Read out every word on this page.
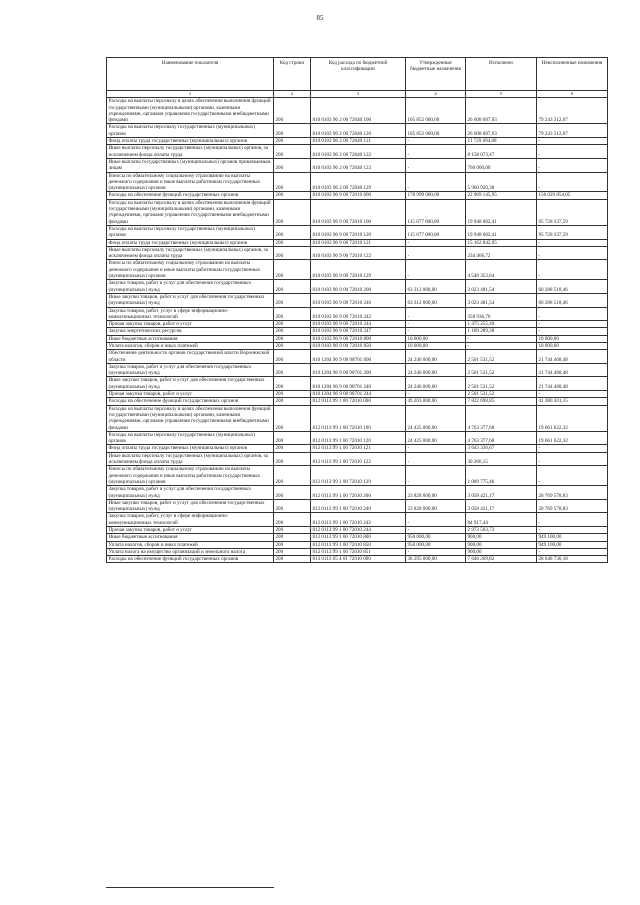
85
Наименование показателя	Код строки	Код расхода по бюджетной классификации	Утвержденные бюджетные назначения	Исполнено	Неисполненные назначения
1	2	3	4	5	6
Расходы на выплаты персоналу в целях обеспечения выполнения функций государственными (муниципальными) органами, казенными учреждениями, органами управления государственными внебюджетными фондами	200	810 0103 96 2 00 72040 100	105 852 000,00	26 608 687,93	79 243 312,07
Расходы на выплаты персоналу государственных (муниципальных) органов	200	810 0103 96 2 00 72040 120	105 852 000,00	26 608 687,93	79 243 312,07
Фонд оплаты труда государственных (муниципальных) органов	200	810 0103 96 2 00 72040 121	-	11 729 694,08	-
Иные выплаты персоналу государственных (муниципальных) органов, за исключением фонда оплаты труда	200	810 0103 96 2 00 72040 122	-	8 158 073,47	-
Иные выплаты государственных (муниципальных) органов привлекаемым лицам	200	810 0103 96 2 00 72040 123	-	760 000,00	-
Взносы по обязательному социальному страхованию на выплаты денежного содержания и иные выплаты работникам государственных (муниципальных) органов	200	810 0103 96 2 00 72040 129	-	5 960 920,38	-
Расходы на обеспечение функций государственных органов	200	810 0103 96 9 00 72010 000	178 999 000,00	22 969 145,95	156 029 854,05
Расходы на выплаты персоналу в целях обеспечения выполнения функций государственными (муниципальными) органами, казенными учреждениями, органами управления государственными внебюджетными фондами	200	810 0103 96 9 00 72010 100	115 677 000,00	19 948 662,41	95 728 337,59
Расходы на выплаты персоналу государственных (муниципальных) органов	200	810 0103 96 9 00 72010 120	115 677 000,00	19 948 662,41	95 728 337,59
Фонд оплаты труда государственных (муниципальных) органов	200	810 0103 96 9 00 72010 121	-	15 162 842,05	-
Иные выплаты персоналу государственных (муниципальных) органов, за исключением фонда оплаты труда	200	810 0103 96 9 00 72010 122	-	234 466,72	-
Взносы по обязательному социальному страхованию на выплаты денежного содержания и иные выплаты работникам государственных (муниципальных) органов	200	810 0103 96 9 00 72010 129	-	4 548 353,64	-
Закупка товаров, работ и услуг для обеспечения государственных (муниципальных) нужд	200	810 0103 96 9 00 72010 200	63 312 000,00	3 023 481,54	60 288 518,46
Иные закупки товаров, работ и услуг для обеспечения государственных (муниципальных) нужд	200	810 0103 96 9 00 72010 240	63 312 000,00	3 023 481,54	60 288 518,46
Закупка товаров, работ, услуг в сфере информационно-коммуникационных технологий	200	810 0103 96 9 00 72010 242	-	358 936,76	-
Прочая закупка товаров, работ и услуг	200	810 0103 96 9 00 72010 244	-	1 475 255,40	-
Закупка энергетических ресурсов	200	810 0103 96 9 00 72010 247	-	1 189 289,38	-
Иные бюджетные ассигнования	200	810 0103 96 9 00 72010 800	10 000,00	-	10 000,00
Уплата налогов, сборов и иных платежей	200	810 0103 96 9 00 72010 850	10 000,00	-	10 000,00
Обеспечение деятельности органов государственной власти Воронежской области	200	810 1204 96 9 00 98701 000	24 246 000,00	2 501 531,52	21 744 468,48
Закупка товаров, работ и услуг для обеспечения государственных (муниципальных) нужд	200	810 1204 96 9 00 98701 200	24 246 000,00	2 501 531,52	21 744 468,48
Иные закупки товаров, работ и услуг для обеспечения государственных (муниципальных) нужд	200	810 1204 96 9 00 98701 240	24 246 000,00	2 501 531,52	21 744 468,48
Прочая закупка товаров, работ и услуг	200	810 1204 96 9 00 98701 244	-	2 501 531,52	-
Расходы на обеспечение функций государственных органов	200	812 0113 99 1 00 72010 000	49 203 000,00	7 822 698,85	41 380 301,15
Расходы на выплаты персоналу в целях обеспечения выполнения функций государственными (муниципальными) органами, казенными учреждениями, органами управления государственными внебюджетными фондами	200	812 0113 99 1 00 72010 100	24 425 000,00	4 763 377,68	19 661 622,32
Расходы на выплаты персоналу государственных (муниципальных) органов	200	812 0113 99 1 00 72010 120	24 425 000,00	4 763 377,68	19 661 622,32
Фонд оплаты труда государственных (муниципальных) органов	200	812 0113 99 1 00 72010 121	-	3 643 336,67	-
Иные выплаты персоналу государственных (муниципальных) органов, за исключением фонда оплаты труда	200	812 0113 99 1 00 72010 122	-	30 266,15	-
Взносы по обязательному социальному страхованию на выплаты денежного содержания и иные выплаты работникам государственных (муниципальных) органов	200	812 0113 99 1 00 72010 129	-	1 089 775,46	-
Закупка товаров, работ и услуг для обеспечения государственных (муниципальных) нужд	200	812 0113 99 1 00 72010 200	23 828 000,00	3 058 421,17	20 769 578,83
Иные закупки товаров, работ и услуг для обеспечения государственных (муниципальных) нужд	200	812 0113 99 1 00 72010 240	23 828 000,00	3 058 421,17	20 769 578,83
Закупка товаров, работ, услуг в сфере информационно-коммуникационных технологий	200	812 0113 99 1 00 72010 242	-	84 917,44	-
Прочая закупка товаров, работ и услуг	200	812 0113 99 1 00 72010 244	-	2 973 503,73	-
Иные бюджетные ассигнования	200	812 0113 99 1 00 72010 800	950 000,00	900,00	949 100,00
Уплата налогов, сборов и иных платежей	200	812 0113 99 1 00 72010 850	950 000,00	900,00	949 100,00
Уплата налога на имущество организаций и земельного налога	200	812 0113 99 1 00 72010 851	-	900,00	-
Расходы на обеспечение функций государственных органов	200	813 0113 05 4 01 72010 000	36 295 000,00	7 646 269,82	28 648 730,18
